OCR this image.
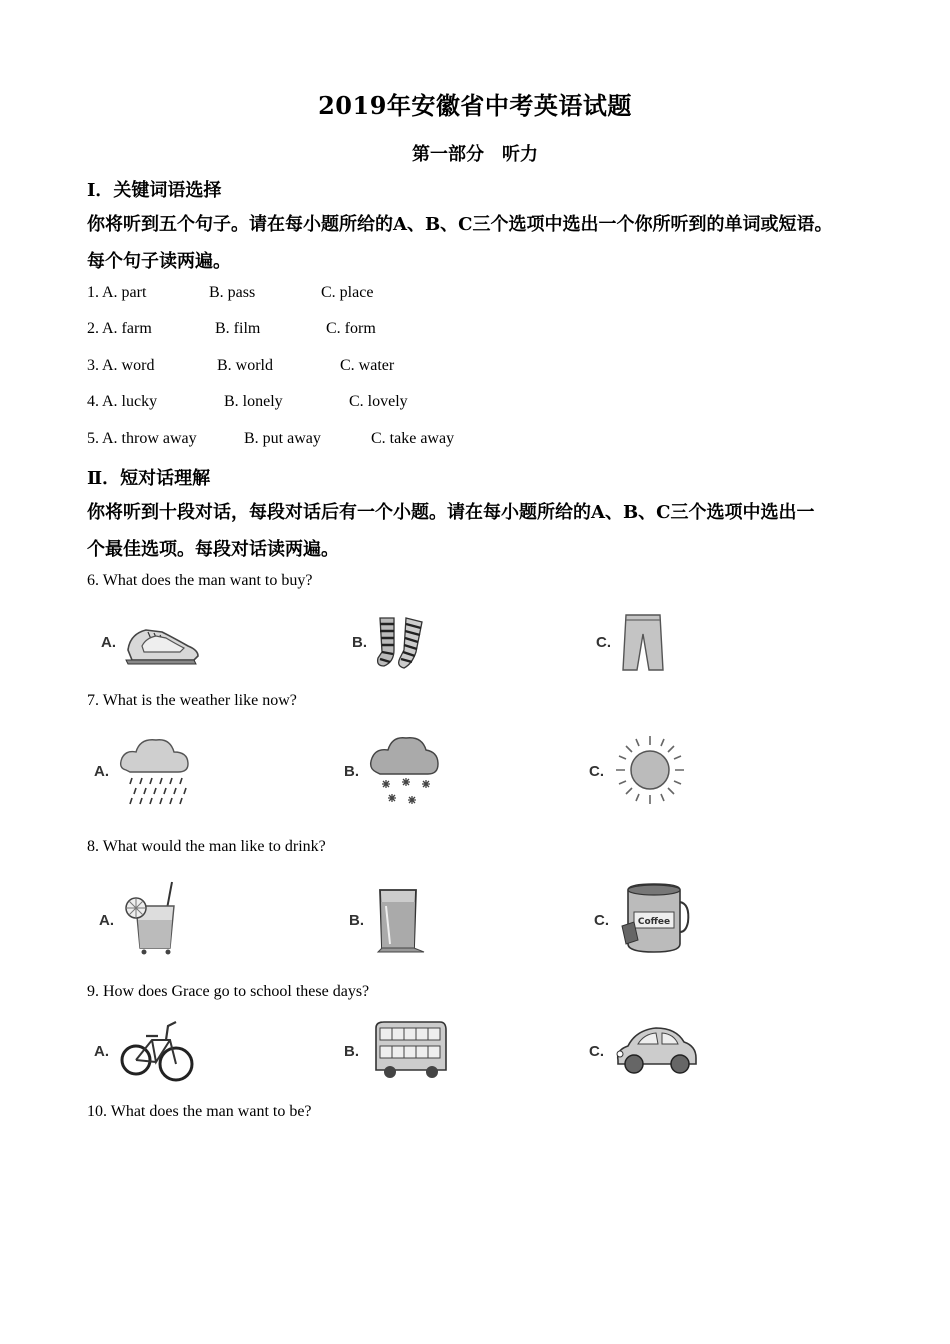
2019年安徽省中考英语试题
第一部分　听力
I．关键词语选择
你将听到五个句子。请在每小题所给的A、B、C三个选项中选出一个你所听到的单词或短语。
每个句子读两遍。
1. A. part	B. pass	C. place
2. A. farm	B. film	C. form
3. A. word	B. world	C. water
4. A. lucky	B. lonely	C. lovely
5. A. throw away	B. put away	C. take away
Ⅱ．短对话理解
你将听到十段对话，每段对话后有一个小题。请在每小题所给的A、B、C三个选项中选出一
个最佳选项。每段对话读两遍。
6. What does the man want to buy?
A.	B.	C.
7. What is the weather like now?
A.	B.	C.
8. What would the man like to drink?
A.	B.	C.	Coffee
9. How does Grace go to school these days?
A.	B.	C.
10. What does the man want to be?
